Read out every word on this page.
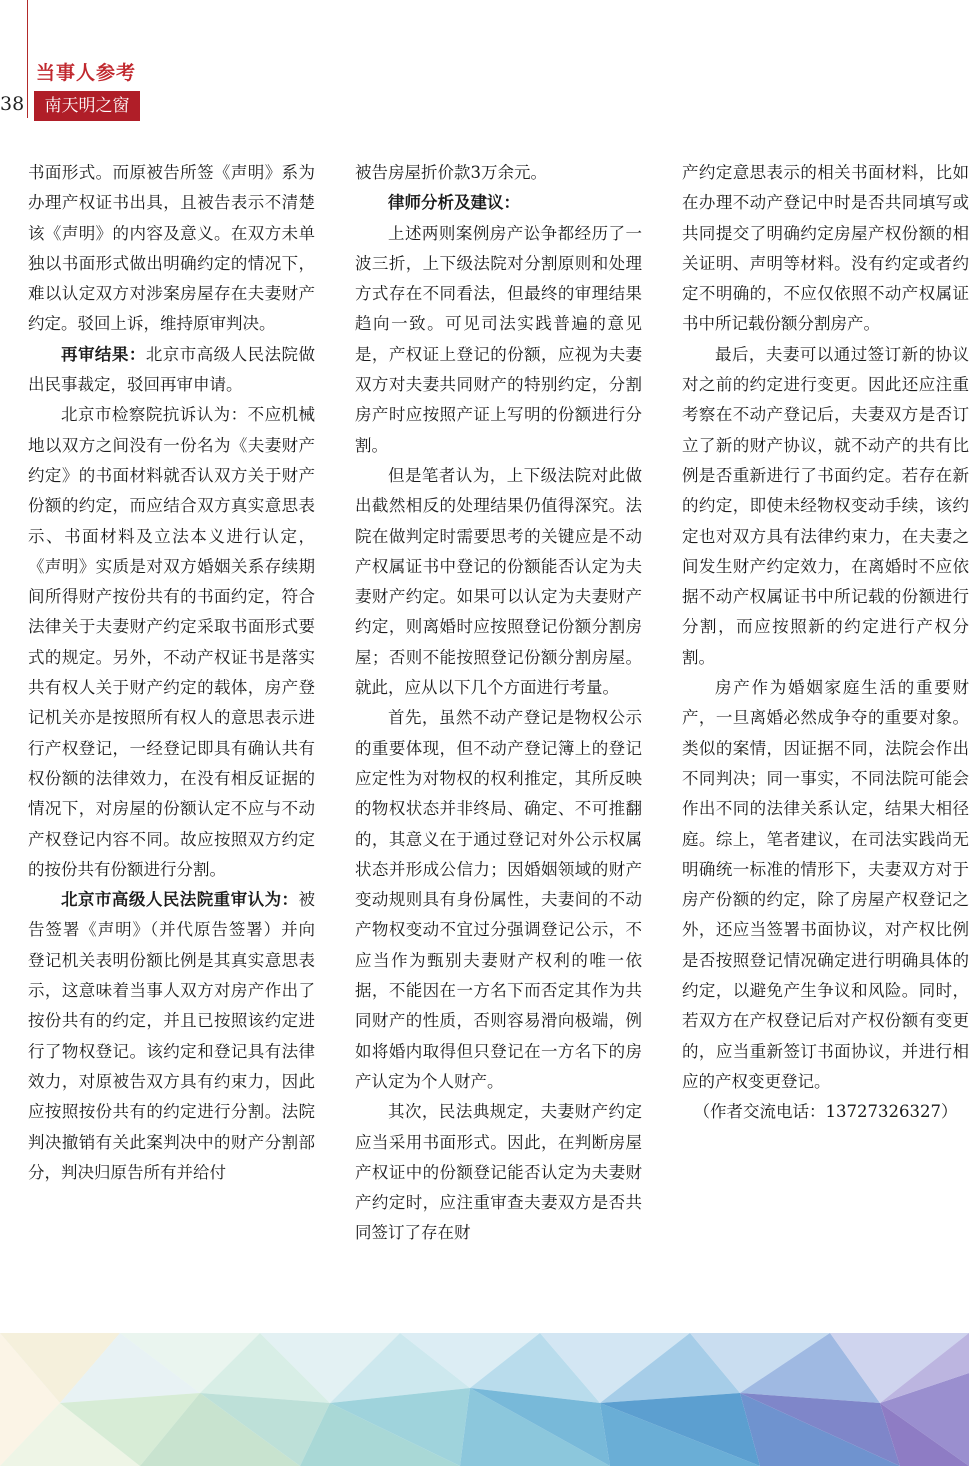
当事人参考
38	南天明之窗

书面形式。而原被告所签《声明》系为办理产权证书出具，且被告表示不清楚该《声明》的内容及意义。在双方未单独以书面形式做出明确约定的情况下，难以认定双方对涉案房屋存在夫妻财产约定。驳回上诉，维持原审判决。

再审结果：北京市高级人民法院做出民事裁定，驳回再审申请。

北京市检察院抗诉认为：不应机械地以双方之间没有一份名为《夫妻财产约定》的书面材料就否认双方关于财产份额的约定，而应结合双方真实意思表示、书面材料及立法本义进行认定，《声明》实质是对双方婚姻关系存续期间所得财产按份共有的书面约定，符合法律关于夫妻财产约定采取书面形式要式的规定。另外，不动产权证书是落实共有权人关于财产约定的载体，房产登记机关亦是按照所有权人的意思表示进行产权登记，一经登记即具有确认共有权份额的法律效力，在没有相反证据的情况下，对房屋的份额认定不应与不动产权登记内容不同。故应按照双方约定的按份共有份额进行分割。

北京市高级人民法院重审认为：被告签署《声明》（并代原告签署）并向登记机关表明份额比例是其真实意思表示，这意味着当事人双方对房产作出了按份共有的约定，并且已按照该约定进行了物权登记。该约定和登记具有法律效力，对原被告双方具有约束力，因此应按照按份共有的约定进行分割。法院判决撤销有关此案判决中的财产分割部分，判决归原告所有并给付

被告房屋折价款3万余元。

律师分析及建议：

上述两则案例房产讼争都经历了一波三折，上下级法院对分割原则和处理方式存在不同看法，但最终的审理结果趋向一致。可见司法实践普遍的意见是，产权证上登记的份额，应视为夫妻双方对夫妻共同财产的特别约定，分割房产时应按照产证上写明的份额进行分割。

但是笔者认为，上下级法院对此做出截然相反的处理结果仍值得深究。法院在做判定时需要思考的关键应是不动产权属证书中登记的份额能否认定为夫妻财产约定。如果可以认定为夫妻财产约定，则离婚时应按照登记份额分割房屋；否则不能按照登记份额分割房屋。就此，应从以下几个方面进行考量。

首先，虽然不动产登记是物权公示的重要体现，但不动产登记簿上的登记应定性为对物权的权利推定，其所反映的物权状态并非终局、确定、不可推翻的，其意义在于通过登记对外公示权属状态并形成公信力；因婚姻领域的财产变动规则具有身份属性，夫妻间的不动产物权变动不宜过分强调登记公示，不应当作为甄别夫妻财产权利的唯一依据，不能因在一方名下而否定其作为共同财产的性质，否则容易滑向极端，例如将婚内取得但只登记在一方名下的房产认定为个人财产。

其次，民法典规定，夫妻财产约定应当采用书面形式。因此，在判断房屋产权证中的份额登记能否认定为夫妻财产约定时，应注重审查夫妻双方是否共同签订了存在财

产约定意思表示的相关书面材料，比如在办理不动产登记中时是否共同填写或共同提交了明确约定房屋产权份额的相关证明、声明等材料。没有约定或者约定不明确的，不应仅依照不动产权属证书中所记载份额分割房产。

最后，夫妻可以通过签订新的协议对之前的约定进行变更。因此还应注重考察在不动产登记后，夫妻双方是否订立了新的财产协议，就不动产的共有比例是否重新进行了书面约定。若存在新的约定，即使未经物权变动手续，该约定也对双方具有法律约束力，在夫妻之间发生财产约定效力，在离婚时不应依据不动产权属证书中所记载的份额进行分割，而应按照新的约定进行产权分割。

房产作为婚姻家庭生活的重要财产，一旦离婚必然成争夺的重要对象。类似的案情，因证据不同，法院会作出不同判决；同一事实，不同法院可能会作出不同的法律关系认定，结果大相径庭。综上，笔者建议，在司法实践尚无明确统一标准的情形下，夫妻双方对于房产份额的约定，除了房屋产权登记之外，还应当签署书面协议，对产权比例是否按照登记情况确定进行明确具体的约定，以避免产生争议和风险。同时，若双方在产权登记后对产权份额有变更的，应当重新签订书面协议，并进行相应的产权变更登记。

（作者交流电话：13727326327）
